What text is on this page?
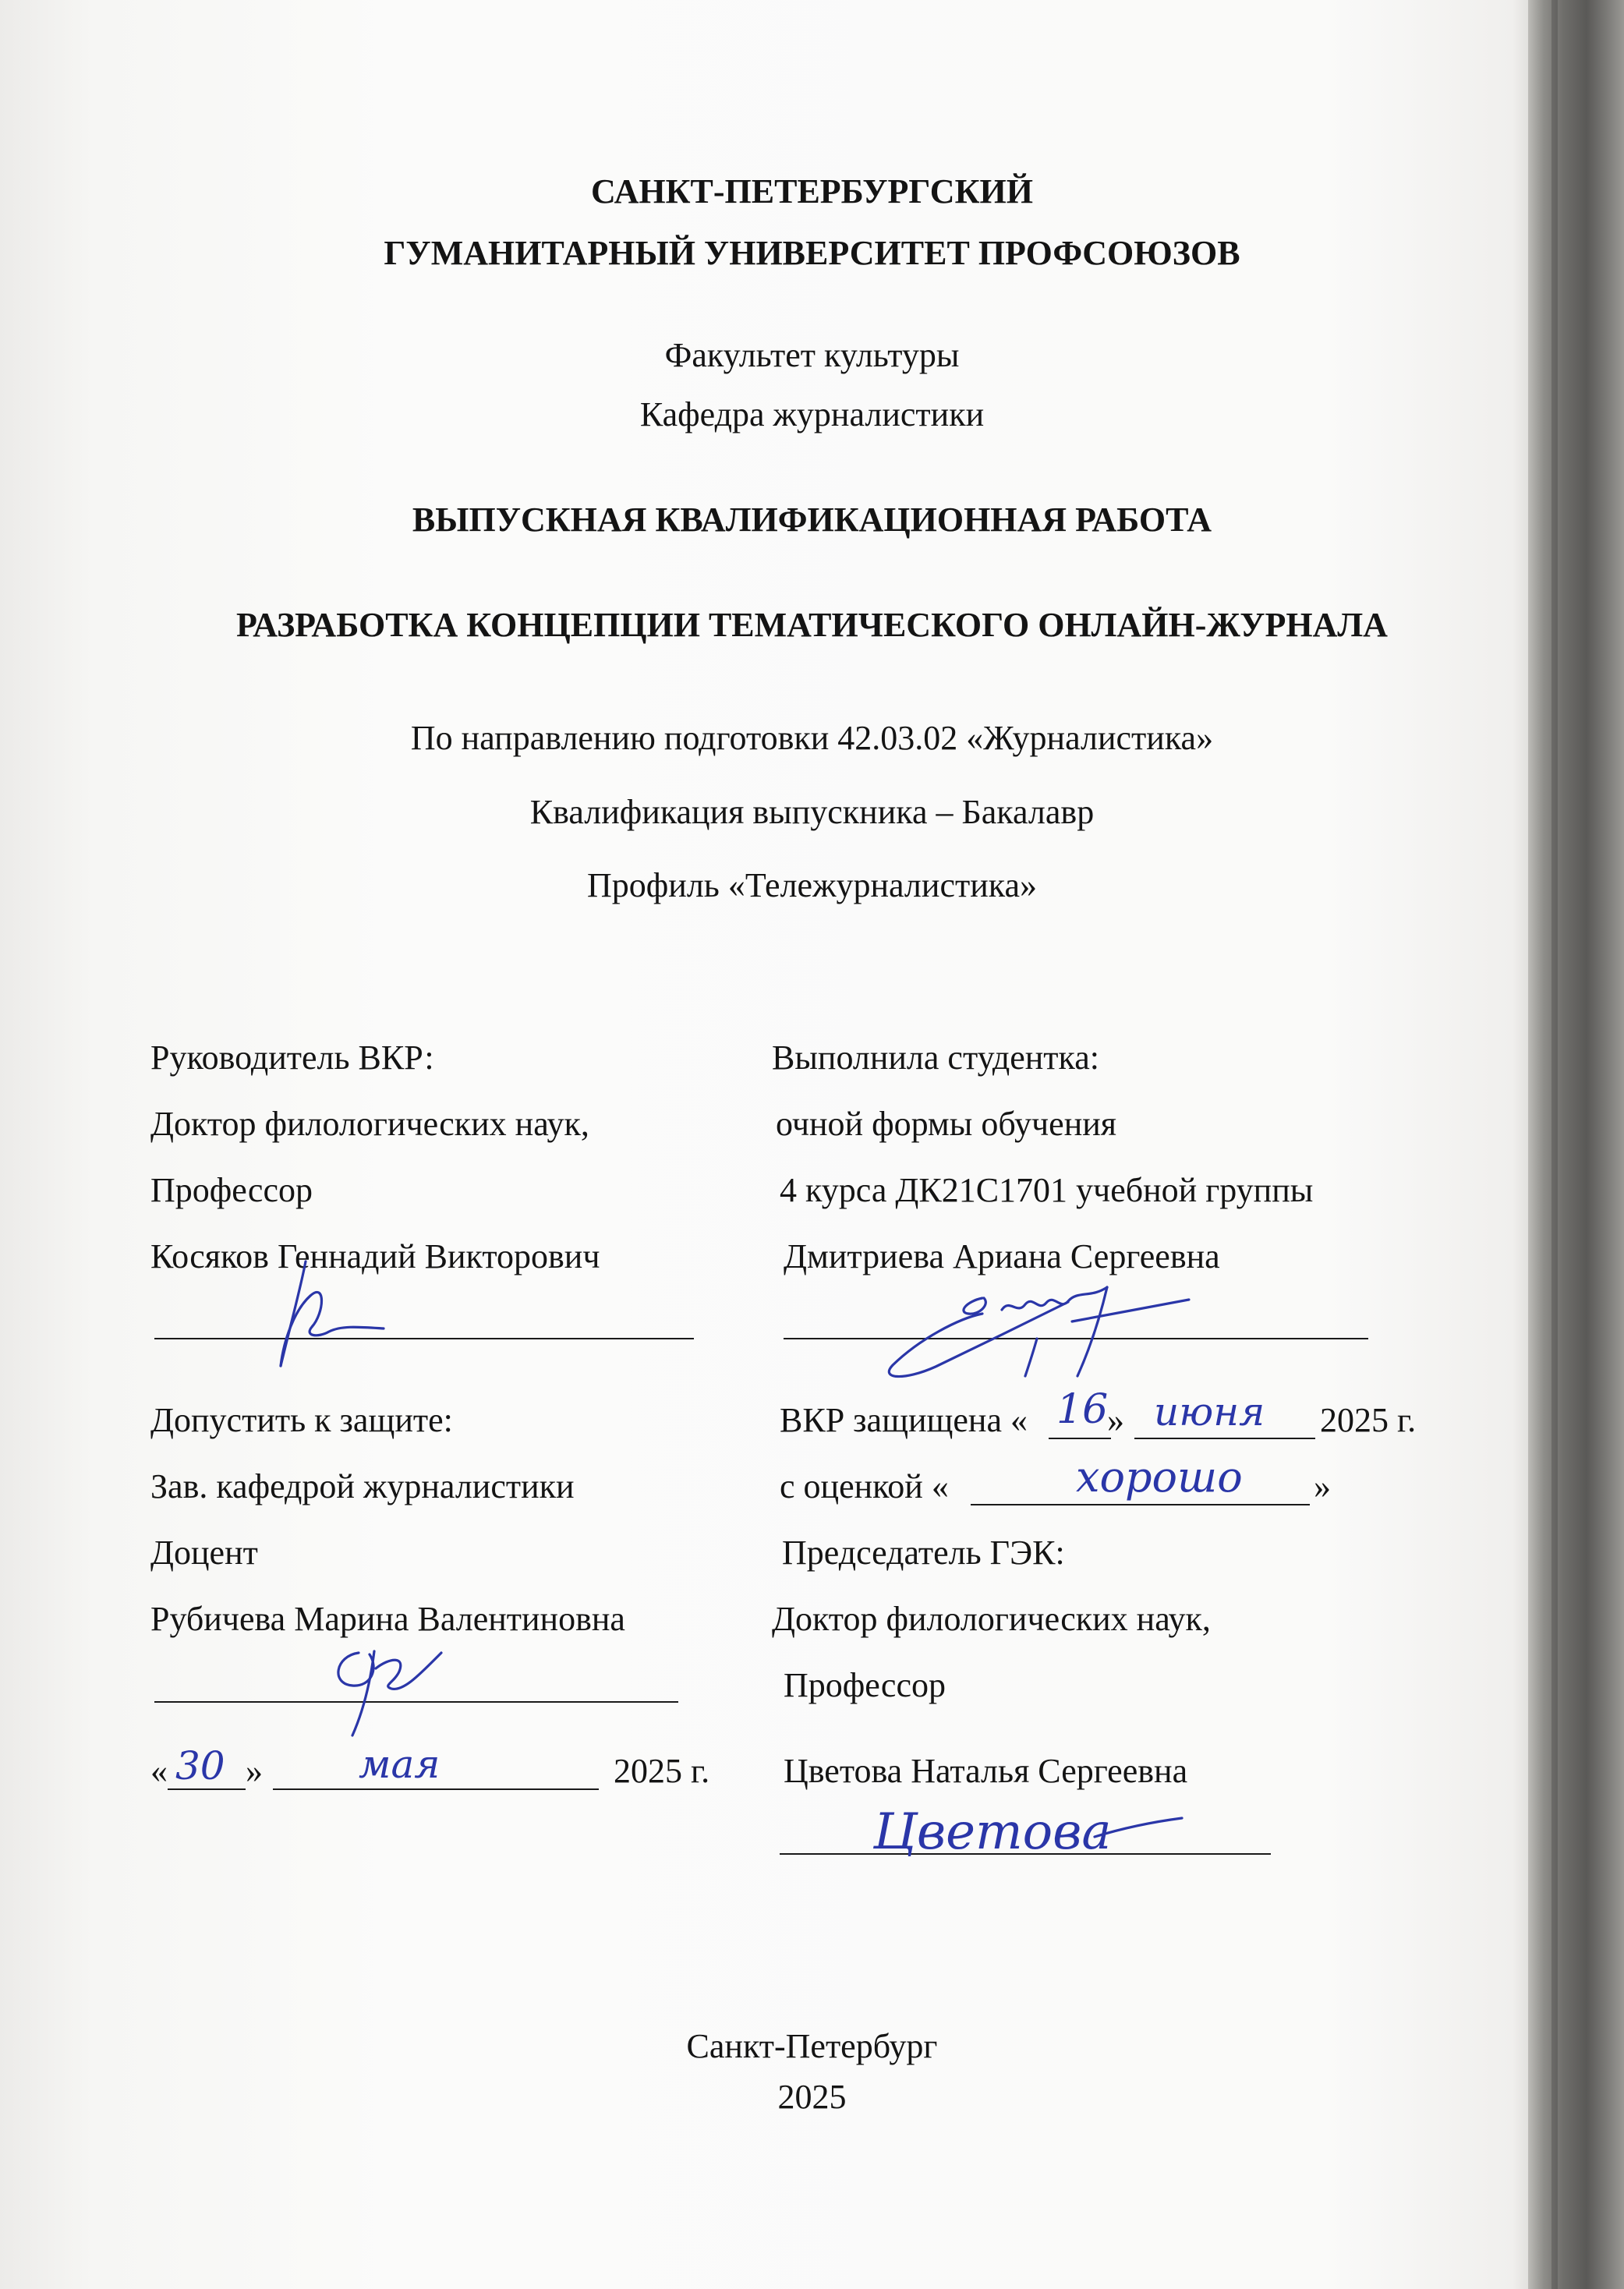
САНКТ-ПЕТЕРБУРГСКИЙ
ГУМАНИТАРНЫЙ УНИВЕРСИТЕТ ПРОФСОЮЗОВ
Факультет культуры
Кафедра журналистики
ВЫПУСКНАЯ КВАЛИФИКАЦИОННАЯ РАБОТА
РАЗРАБОТКА КОНЦЕПЦИИ ТЕМАТИЧЕСКОГО ОНЛАЙН-ЖУРНАЛА
По направлению подготовки 42.03.02 «Журналистика»
Квалификация выпускника – Бакалавр
Профиль «Тележурналистика»
Руководитель ВКР:
Доктор филологических наук,
Профессор
Косяков Геннадий Викторович
Выполнила студентка:
очной формы обучения
4 курса ДК21С1701 учебной группы
Дмитриева Ариана Сергеевна
Допустить к защите:
Зав. кафедрой журналистики
Доцент
Рубичева Марина Валентиновна
« 30 » мая	2025 г.
ВКР защищена « 16
» июня 2025 г.
с оценкой «	хорошо »
Председатель ГЭК:
Доктор филологических наук,
Профессор
Цветова Наталья Сергеевна
Цветова
Санкт-Петербург
2025
